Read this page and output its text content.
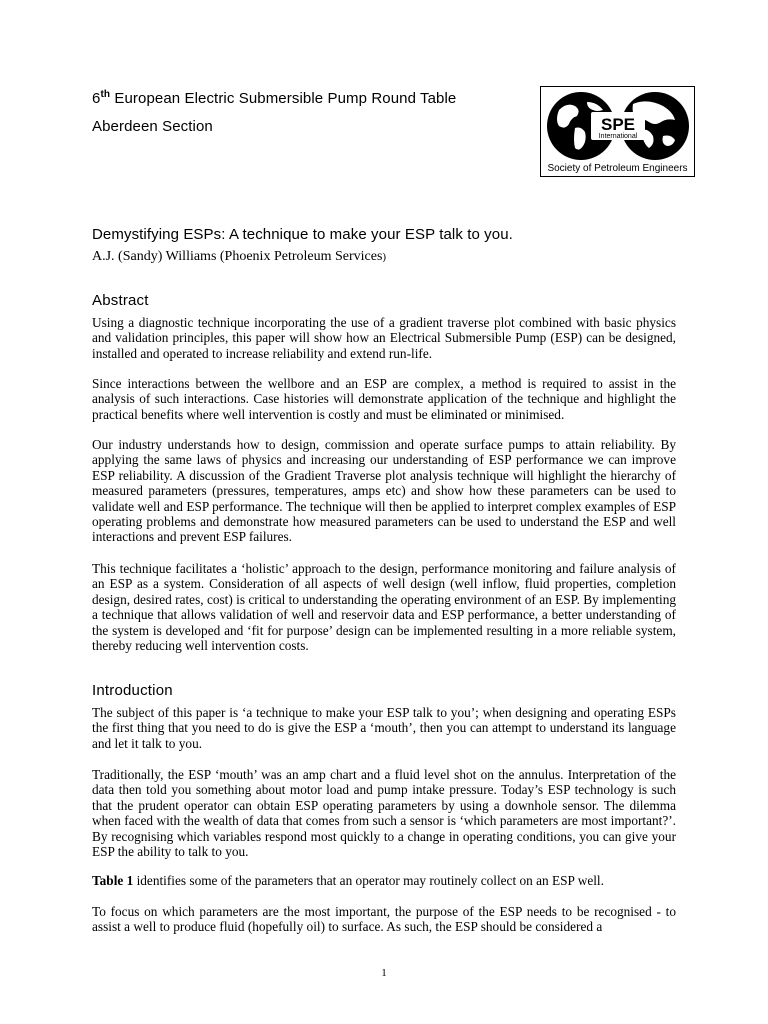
6th European Electric Submersible Pump Round Table

Aberdeen Section	SPE
International
Society of Petroleum Engineers

Demystifying ESPs: A technique to make your ESP talk to you.

A.J. (Sandy) Williams (Phoenix Petroleum Services)

Abstract

Using a diagnostic technique incorporating the use of a gradient traverse plot combined with basic physics and validation principles, this paper will show how an Electrical Submersible Pump (ESP) can be designed, installed and operated to increase reliability and extend run-life.

Since interactions between the wellbore and an ESP are complex, a method is required to assist in the analysis of such interactions. Case histories will demonstrate application of the technique and highlight the practical benefits where well intervention is costly and must be eliminated or minimised.

Our industry understands how to design, commission and operate surface pumps to attain reliability. By applying the same laws of physics and increasing our understanding of ESP performance we can improve ESP reliability. A discussion of the Gradient Traverse plot analysis technique will highlight the hierarchy of measured parameters (pressures, temperatures, amps etc) and show how these parameters can be used to validate well and ESP performance. The technique will then be applied to interpret complex examples of ESP operating problems and demonstrate how measured parameters can be used to understand the ESP and well interactions and prevent ESP failures.

This technique facilitates a ‘holistic’ approach to the design, performance monitoring and failure analysis of an ESP as a system. Consideration of all aspects of well design (well inflow, fluid properties, completion design, desired rates, cost) is critical to understanding the operating environment of an ESP. By implementing a technique that allows validation of well and reservoir data and ESP performance, a better understanding of the system is developed and ‘fit for purpose’ design can be implemented resulting in a more reliable system, thereby reducing well intervention costs.

Introduction

The subject of this paper is ‘a technique to make your ESP talk to you’; when designing and operating ESPs the first thing that you need to do is give the ESP a ‘mouth’, then you can attempt to understand its language and let it talk to you.

Traditionally, the ESP ‘mouth’ was an amp chart and a fluid level shot on the annulus. Interpretation of the data then told you something about motor load and pump intake pressure. Today’s ESP technology is such that the prudent operator can obtain ESP operating parameters by using a downhole sensor. The dilemma when faced with the wealth of data that comes from such a sensor is ‘which parameters are most important?’. By recognising which variables respond most quickly to a change in operating conditions, you can give your ESP the ability to talk to you.

Table 1 identifies some of the parameters that an operator may routinely collect on an ESP well.

To focus on which parameters are the most important, the purpose of the ESP needs to be recognised - to assist a well to produce fluid (hopefully oil) to surface. As such, the ESP should be considered a

1
